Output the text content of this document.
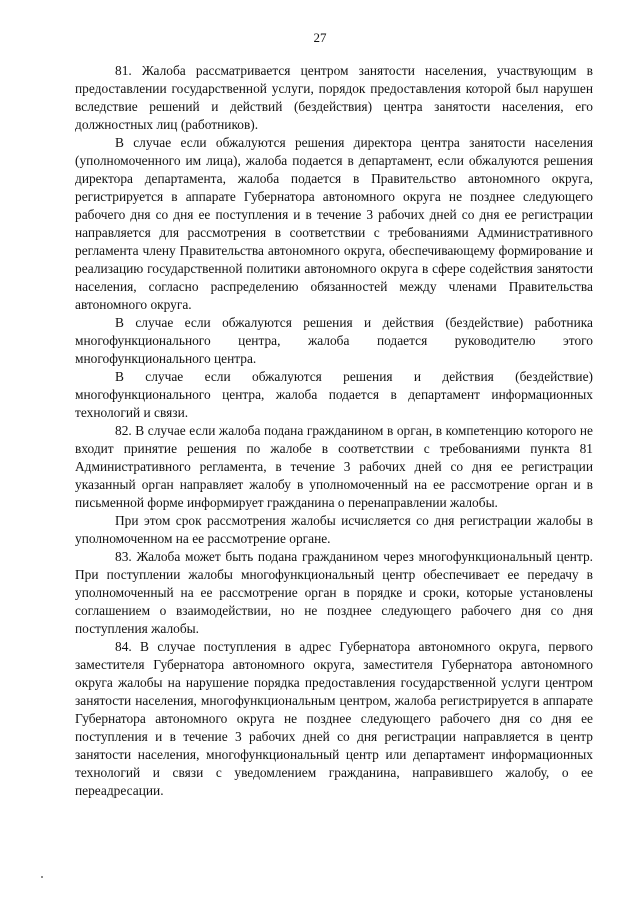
27

81. Жалоба рассматривается центром занятости населения, участвующим в предоставлении государственной услуги, порядок предоставления которой был нарушен вследствие решений и действий (бездействия) центра занятости населения, его должностных лиц (работников).

В случае если обжалуются решения директора центра занятости населения (уполномоченного им лица), жалоба подается в департамент, если обжалуются решения директора департамента, жалоба подается в Правительство автономного округа, регистрируется в аппарате Губернатора автономного округа не позднее следующего рабочего дня со дня ее поступления и в течение 3 рабочих дней со дня ее регистрации направляется для рассмотрения в соответствии с требованиями Административного регламента члену Правительства автономного округа, обеспечивающему формирование и реализацию государственной политики автономного округа в сфере содействия занятости населения, согласно распределению обязанностей между членами Правительства автономного округа.

В случае если обжалуются решения и действия (бездействие) работника многофункционального центра, жалоба подается руководителю этого многофункционального центра.

В случае если обжалуются решения и действия (бездействие) многофункционального центра, жалоба подается в департамент информационных технологий и связи.

82. В случае если жалоба подана гражданином в орган, в компетенцию которого не входит принятие решения по жалобе в соответствии с требованиями пункта 81 Административного регламента, в течение 3 рабочих дней со дня ее регистрации указанный орган направляет жалобу в уполномоченный на ее рассмотрение орган и в письменной форме информирует гражданина о перенаправлении жалобы.

При этом срок рассмотрения жалобы исчисляется со дня регистрации жалобы в уполномоченном на ее рассмотрение органе.

83. Жалоба может быть подана гражданином через многофункциональный центр. При поступлении жалобы многофункциональный центр обеспечивает ее передачу в уполномоченный на ее рассмотрение орган в порядке и сроки, которые установлены соглашением о взаимодействии, но не позднее следующего рабочего дня со дня поступления жалобы.

84. В случае поступления в адрес Губернатора автономного округа, первого заместителя Губернатора автономного округа, заместителя Губернатора автономного округа жалобы на нарушение порядка предоставления государственной услуги центром занятости населения, многофункциональным центром, жалоба регистрируется в аппарате Губернатора автономного округа не позднее следующего рабочего дня со дня ее поступления и в течение 3 рабочих дней со дня регистрации направляется в центр занятости населения, многофункциональный центр или департамент информационных технологий и связи с уведомлением гражданина, направившего жалобу, о ее переадресации.
